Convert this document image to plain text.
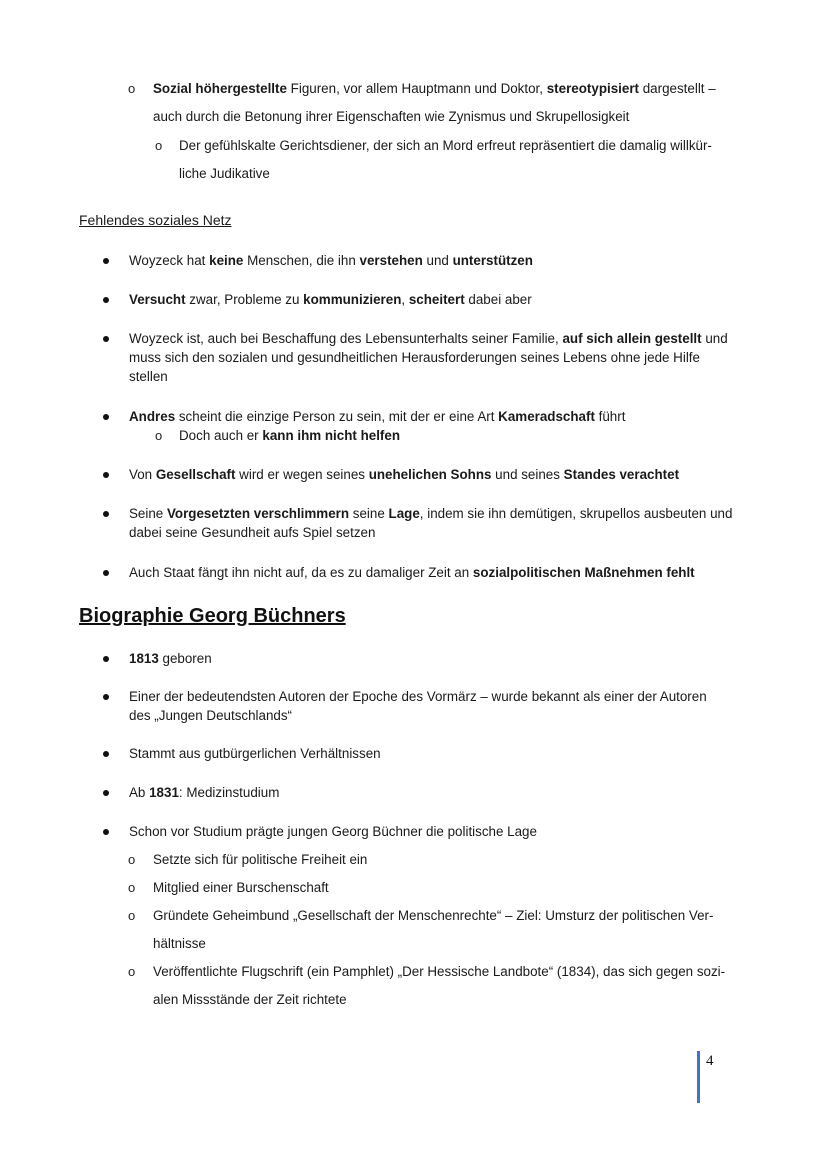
o Sozial höhergestellte Figuren, vor allem Hauptmann und Doktor, stereotypisiert dargestellt –
auch durch die Betonung ihrer Eigenschaften wie Zynismus und Skrupellosigkeit
o Der gefühlskalte Gerichtsdiener, der sich an Mord erfreut repräsentiert die damalig willkür-
liche Judikative
Fehlendes soziales Netz
Woyzeck hat keine Menschen, die ihn verstehen und unterstützen
Versucht zwar, Probleme zu kommunizieren, scheitert dabei aber
Woyzeck ist, auch bei Beschaffung des Lebensunterhalts seiner Familie, auf sich allein gestellt und
muss sich den sozialen und gesundheitlichen Herausforderungen seines Lebens ohne jede Hilfe
stellen
Andres scheint die einzige Person zu sein, mit der er eine Art Kameradschaft führt
o Doch auch er kann ihm nicht helfen
Von Gesellschaft wird er wegen seines unehelichen Sohns und seines Standes verachtet
Seine Vorgesetzten verschlimmern seine Lage, indem sie ihn demütigen, skrupellos ausbeuten und
dabei seine Gesundheit aufs Spiel setzen
Auch Staat fängt ihn nicht auf, da es zu damaliger Zeit an sozialpolitischen Maßnehmen fehlt
Biographie Georg Büchners
1813 geboren
Einer der bedeutendsten Autoren der Epoche des Vormärz – wurde bekannt als einer der Autoren
des „Jungen Deutschlands“
Stammt aus gutbürgerlichen Verhältnissen
Ab 1831: Medizinstudium
Schon vor Studium prägte jungen Georg Büchner die politische Lage
o Setzte sich für politische Freiheit ein
o Mitglied einer Burschenschaft
o Gründete Geheimbund „Gesellschaft der Menschenrechte“ – Ziel: Umsturz der politischen Ver-
hältnisse
o Veröffentlichte Flugschrift (ein Pamphlet) „Der Hessische Landbote“ (1834), das sich gegen sozi-
alen Missstände der Zeit richtete
4
